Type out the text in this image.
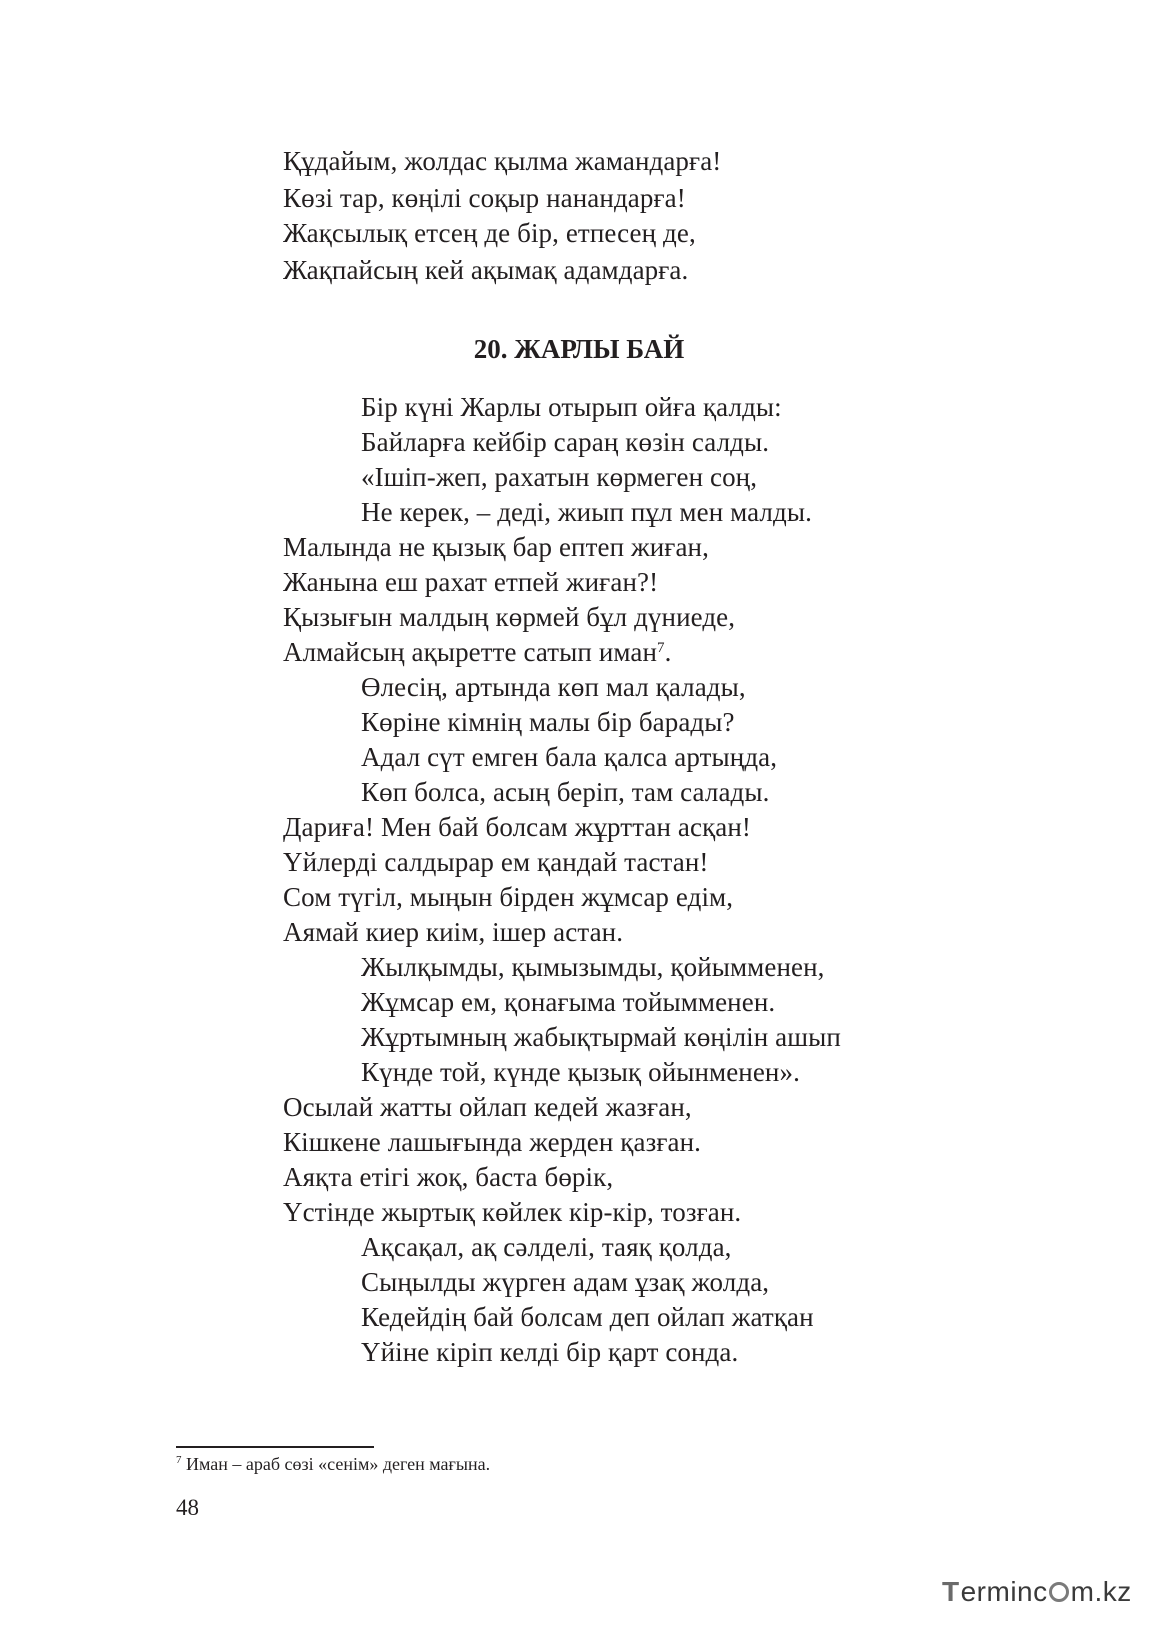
Құдайым, жолдас қылма жамандарға!
Көзі тар, көңілі соқыр нанандарға!
Жақсылық етсең де бір, етпесең де,
Жақпайсың кей ақымақ адамдарға.
20. ЖАРЛЫ БАЙ
Бір күні Жарлы отырып ойға қалды:
Байларға кейбір сараң көзін салды.
«Ішіп-жеп, рахатын көрмеген соң,
Не керек, – деді, жиып пұл мен малды.
Малында не қызық бар ептеп жиған,
Жанына еш рахат етпей жиған?!
Қызығын малдың көрмей бұл дүниеде,
Алмайсың ақыретте сатып иман$^7$.
Өлесің, артында көп мал қалады,
Көріне кімнің малы бір барады?
Адал сүт емген бала қалса артыңда,
Көп болса, асың беріп, там салады.
Дариға! Мен бай болсам жұрттан асқан!
Үйлерді салдырар ем қандай тастан!
Сом түгіл, мыңын бірден жұмсар едім,
Аямай киер киім, ішер астан.
Жылқымды, қымызымды, қойымменен,
Жұмсар ем, қонағыма тойымменен.
Жұртымның жабықтырмай көңілін ашып
Күнде той, күнде қызық ойынменен».
Осылай жатты ойлап кедей жазған,
Кішкене лашығында жерден қазған.
Аяқта етігі жоқ, баста бөрік,
Үстінде жыртық көйлек кір-кір, тозған.
Ақсақал, ақ сәлделі, таяқ қолда,
Сыңылды жүрген адам ұзақ жолда,
Кедейдің бай болсам деп ойлап жатқан
Үйіне кіріп келді бір қарт сонда.
$^7$ Иман – араб сөзі «сенім» деген мағына.
48
Terminc m.kz
